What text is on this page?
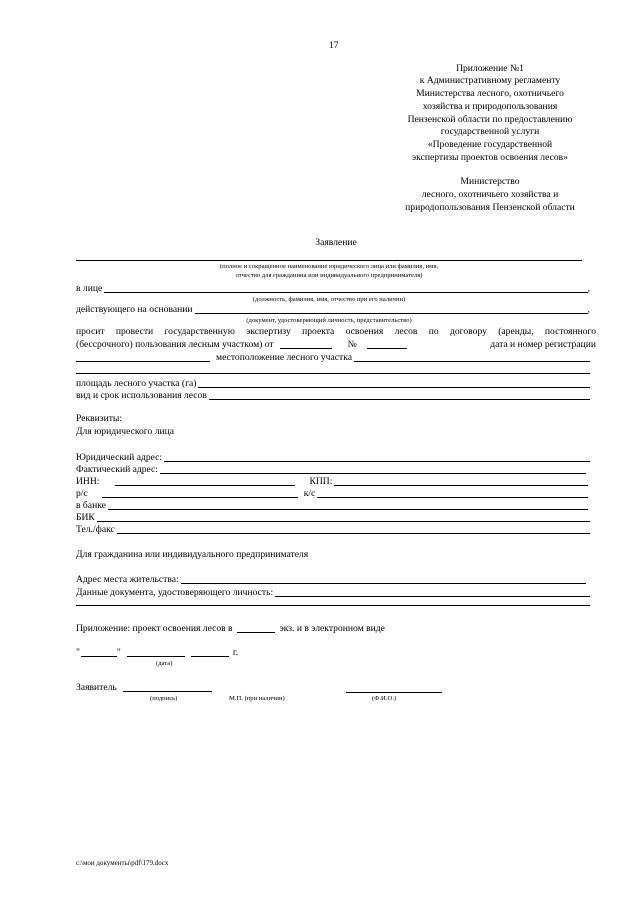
17
Приложение №1
к Административному регламенту
Министерства лесного, охотничьего
хозяйства и природопользования
Пензенской области по предоставлению
государственной услуги
«Проведение государственной
экспертизы проектов освоения лесов»
Министерство
лесного, охотничьего хозяйства и
природопользования Пензенской области
Заявление
(полное и сокращенное наименование юридического лица или фамилия, имя,
отчество для гражданина или индивидуального предпринимателя)
в лице	,
(должность, фамилия, имя, отчество при его наличии)
действующего на основании	,
(документ, удостоверяющий личность, представительство)
просит провести государственную экспертизу проекта освоения лесов по договору (аренды, постоянного
(бессрочного) пользования лесным участком) от	№	дата и номер регистрации
местоположение лесного участка
площадь лесного участка (га)
вид и срок использования лесов
Реквизиты:
Для юридического лица
Юридический адрес:
Фактический адрес:
ИНН:	КПП:
р/с	к/с
в банке
БИК
Тел./факс
Для гражданина или индивидуального предпринимателя
Адрес места жительства:
Данные документа, удостоверяющего личность:
Приложение: проект освоения лесов в	экз. и в электронном виде
"	"	г.
(дата)
Заявитель
(подпись)	М.П. (при наличии)	(Ф.И.О.)
c:\мои документы\pdf\179.docx
